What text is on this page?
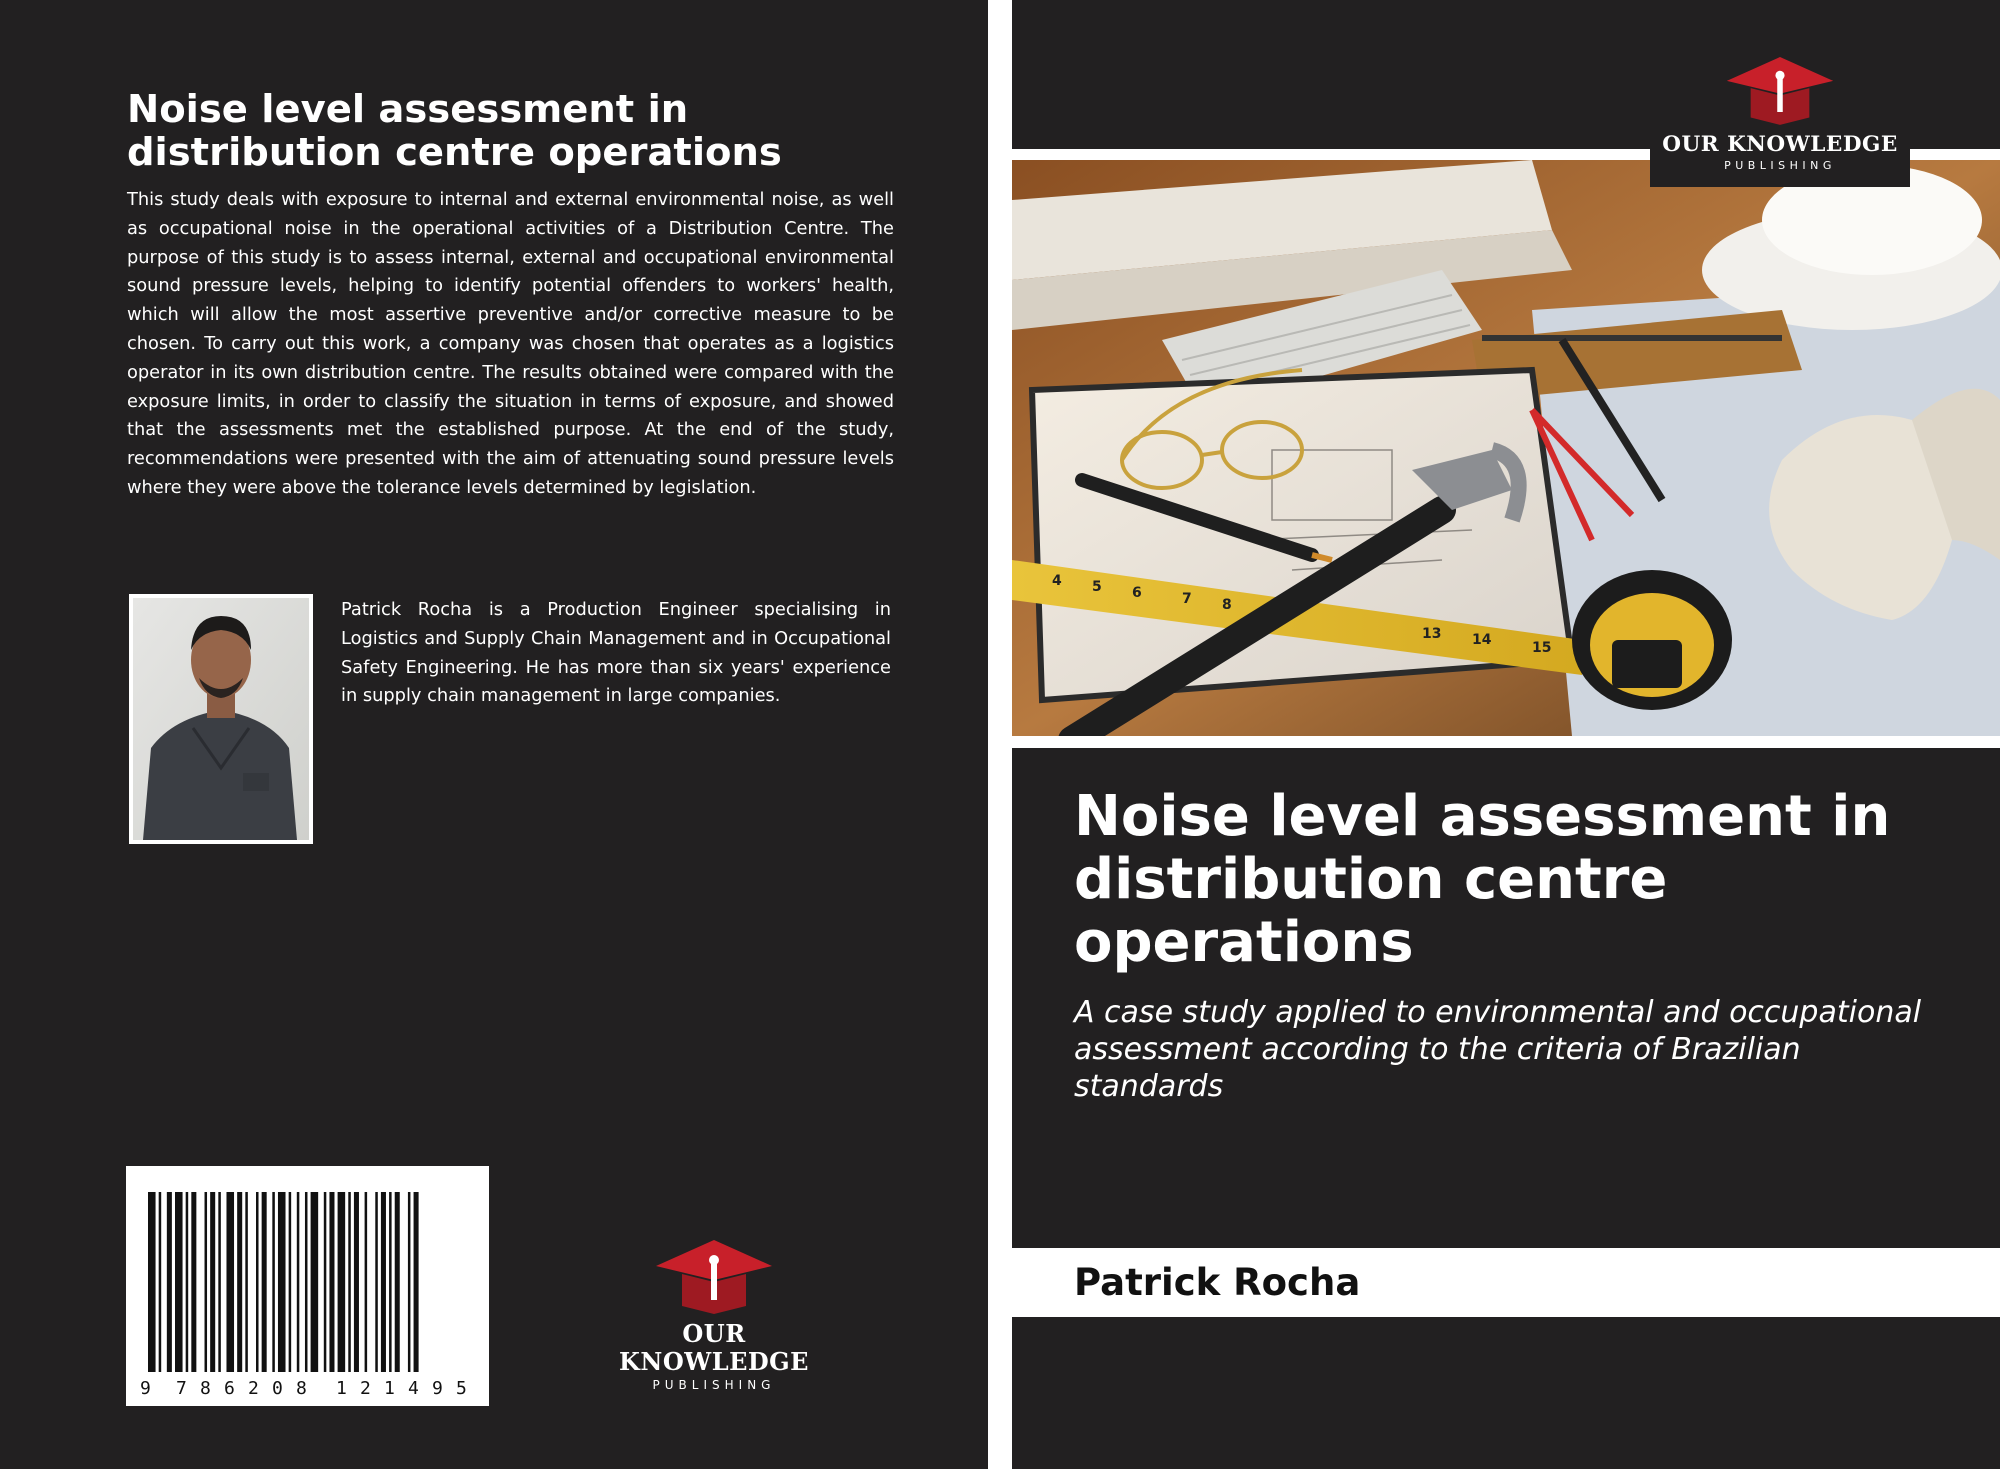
Noise level assessment in distribution centre operations

This study deals with exposure to internal and external environmental noise, as well as occupational noise in the operational activities of a Distribution Centre. The purpose of this study is to assess internal, external and occupational environmental sound pressure levels, helping to identify potential offenders to workers' health, which will allow the most assertive preventive and/or corrective measure to be chosen. To carry out this work, a company was chosen that operates as a logistics operator in its own distribution centre. The results obtained were compared with the exposure limits, in order to classify the situation in terms of exposure, and showed that the assessments met the established purpose. At the end of the study, recommendations were presented with the aim of attenuating sound pressure levels where they were above the tolerance levels determined by legislation.

Patrick Rocha is a Production Engineer specialising in Logistics and Supply Chain Management and in Occupational Safety Engineering. He has more than six years' experience in supply chain management in large companies.

9 7 8 6 2 0 8 1 2 1 4 9 5
OUR KNOWLEDGE
PUBLISHING
4 5 6	7 8
13 14	15
OUR KNOWLEDGE
PUBLISHING
Noise level assessment in distribution centre operations

A case study applied to environmental and occupational assessment according to the criteria of Brazilian standards

Patrick Rocha
